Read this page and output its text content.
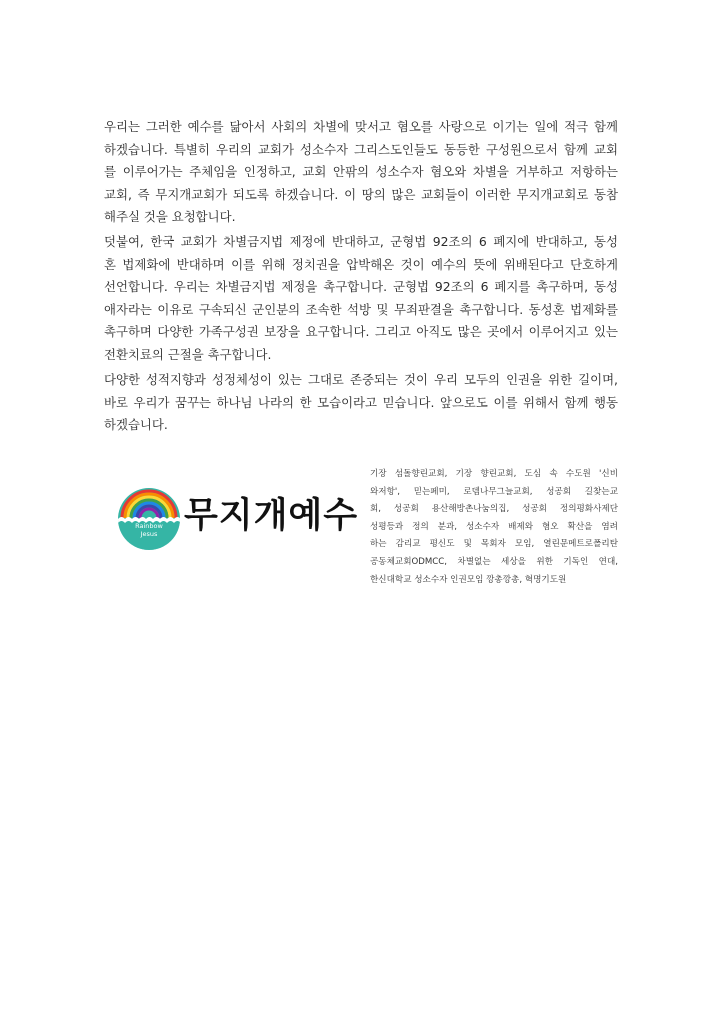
우리는 그러한 예수를 닮아서 사회의 차별에 맞서고 혐오를 사랑으로 이기는 일에 적극 함께
하겠습니다. 특별히 우리의 교회가 성소수자 그리스도인들도 동등한 구성원으로서 함께 교회
를 이루어가는 주체임을 인정하고, 교회 안팎의 성소수자 혐오와 차별을 거부하고 저항하는
교회, 즉 무지개교회가 되도록 하겠습니다. 이 땅의 많은 교회들이 이러한 무지개교회로 동참
해주실 것을 요청합니다.
덧붙여, 한국 교회가 차별금지법 제정에 반대하고, 군형법 92조의 6 폐지에 반대하고, 동성
혼 법제화에 반대하며 이를 위해 정치권을 압박해온 것이 예수의 뜻에 위배된다고 단호하게
선언합니다. 우리는 차별금지법 제정을 촉구합니다. 군형법 92조의 6 폐지를 촉구하며, 동성
애자라는 이유로 구속되신 군인분의 조속한 석방 및 무죄판결을 촉구합니다. 동성혼 법제화를
촉구하며 다양한 가족구성권 보장을 요구합니다. 그리고 아직도 많은 곳에서 이루어지고 있는
전환치료의 근절을 촉구합니다.
다양한 성적지향과 성정체성이 있는 그대로 존중되는 것이 우리 모두의 인권을 위한 길이며,
바로 우리가 꿈꾸는 하나님 나라의 한 모습이라고 믿습니다. 앞으로도 이를 위해서 함께 행동
하겠습니다.
Rainbow
Jesus 무지개예수
기장 섬돌향린교회, 기장 향린교회, 도심 속 수도원 '신비
와저항', 믿는페미, 로뎀나무그늘교회, 성공회 길찾는교
회, 성공회 용산해방촌나눔의집, 성공회 정의평화사제단
성평등과 정의 분과, 성소수자 배제와 혐오 확산을 염려
하는 감리교 평신도 및 목회자 모임, 열린문메트로폴리탄
공동체교회ODMCC, 차별없는 세상을 위한 기독인 연대,
한신대학교 성소수자 인권모임 깡총깡총, 혁명기도원
